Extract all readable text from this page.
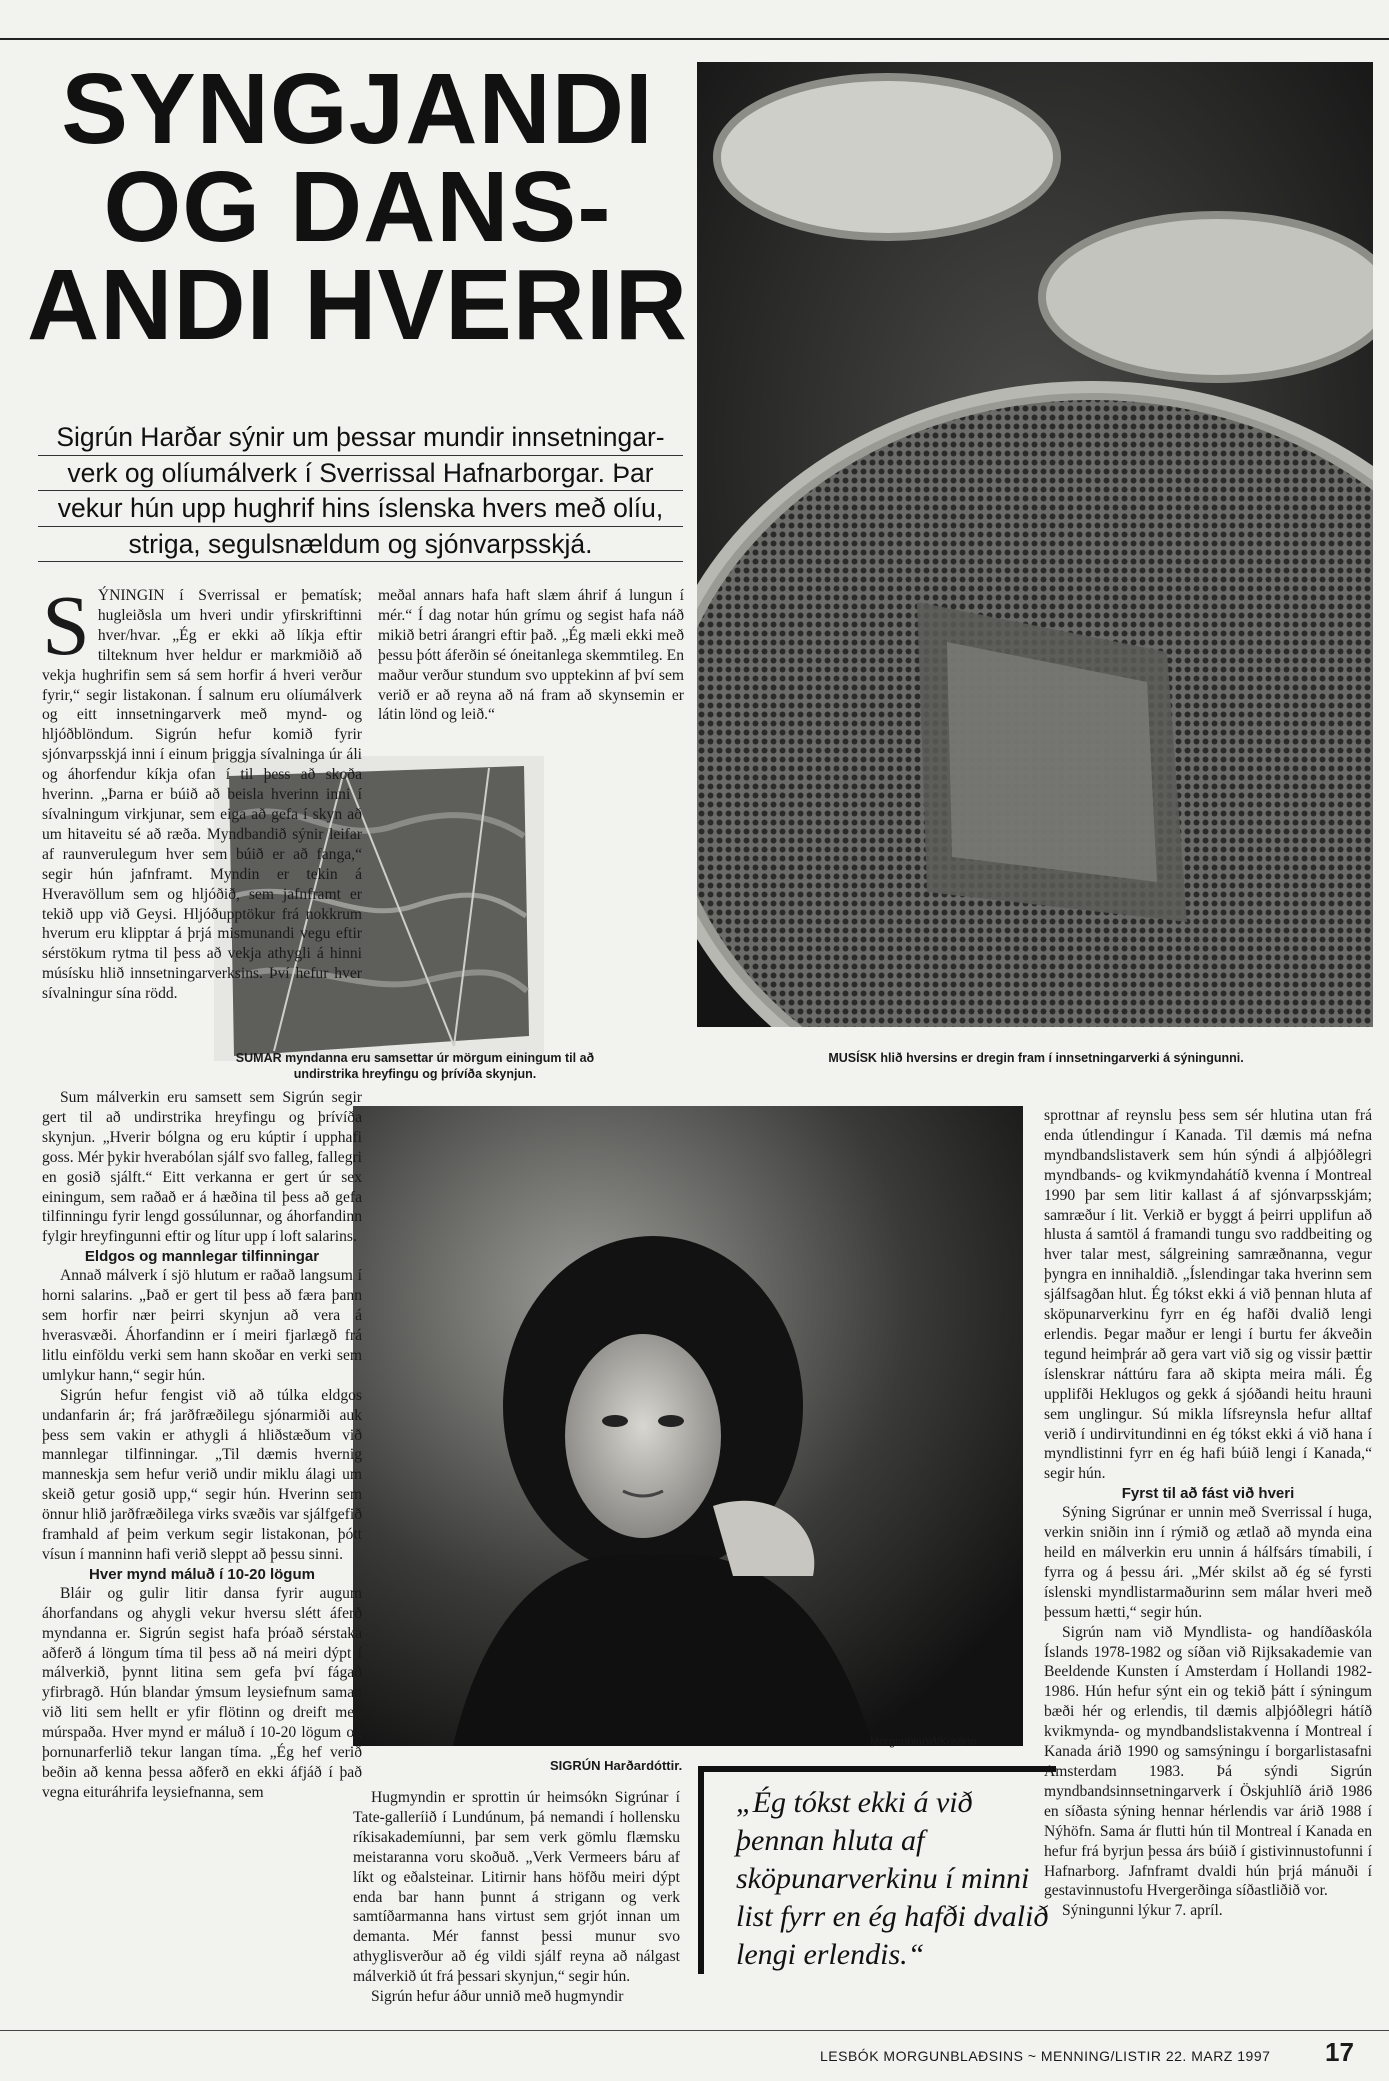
SYNGJANDI
OG DANS-
ANDI HVERIR
Sigrún Harðar sýnir um þessar mundir innsetningar-
verk og olíumálverk í Sverrissal Hafnarborgar. Þar
vekur hún upp hughrif hins íslenska hvers með olíu,
striga, segulsnældum og sjónvarpsskjá.
SUMAR myndanna eru samsettar úr mörgum einingum til að undirstrika hreyfingu og þrívíða skynjun.
MUSÍSK hlið hversins er dregin fram í innsetningarverki á sýningunni.
SIGRÚN Harðardóttir.
Morgunblaðið/Kristinn

SÝNINGIN í Sverrissal er þematísk; hugleiðsla um hveri undir yfirskriftinni hver/hvar. „Ég er ekki að líkja eftir tilteknum hver heldur er markmiðið að vekja hughrifin sem sá sem horfir á hveri verður fyrir,“ segir listakonan. Í salnum eru olíumálverk og eitt innsetningarverk með mynd- og hljóðblöndum. Sigrún hefur komið fyrir sjónvarpsskjá inni í einum þriggja sívalninga úr áli og áhorfendur kíkja ofan í til þess að skoða hverinn. „Þarna er búið að beisla hverinn inni í sívalningum virkjunar, sem eiga að gefa í skyn að um hitaveitu sé að ræða. Myndbandið sýnir leifar af raunverulegum hver sem búið er að fanga,“ segir hún jafnframt. Myndin er tekin á Hveravöllum sem og hljóðið, sem jafnframt er tekið upp við Geysi. Hljóðupptökur frá nokkrum hverum eru klipptar á þrjá mismunandi vegu eftir sérstökum rytma til þess að vekja athygli á hinni músísku hlið innsetningarverksins. Því hefur hver sívalningur sína rödd.

Sum málverkin eru samsett sem Sigrún segir gert til að undirstrika hreyfingu og þrívíða skynjun. „Hverir bólgna og eru kúptir í upphafi goss. Mér þykir hverabólan sjálf svo falleg, fallegri en gosið sjálft.“ Eitt verkanna er gert úr sex einingum, sem raðað er á hæðina til þess að gefa tilfinningu fyrir lengd gossúlunnar, og áhorfandinn fylgir hreyfingunni eftir og lítur upp í loft salarins.

Eldgos og mannlegar tilfinningar

Annað málverk í sjö hlutum er raðað langsum í horni salarins. „Það er gert til þess að færa þann sem horfir nær þeirri skynjun að vera á hverasvæði. Áhorfandinn er í meiri fjarlægð frá litlu einföldu verki sem hann skoðar en verki sem umlykur hann,“ segir hún.

Sigrún hefur fengist við að túlka eldgos undanfarin ár; frá jarðfræðilegu sjónarmiði auk þess sem vakin er athygli á hliðstæðum við mannlegar tilfinningar. „Til dæmis hvernig manneskja sem hefur verið undir miklu álagi um skeið getur gosið upp,“ segir hún. Hverinn sem önnur hlið jarðfræðilega virks svæðis var sjálfgefið framhald af þeim verkum segir listakonan, þótt vísun í manninn hafi verið sleppt að þessu sinni.

Hver mynd máluð í 10-20 lögum

Bláir og gulir litir dansa fyrir augum áhorfandans og ahygli vekur hversu slétt áferð myndanna er. Sigrún segist hafa þróað sérstaka aðferð á löngum tíma til þess að ná meiri dýpt í málverkið, þynnt litina sem gefa því fágað yfirbragð. Hún blandar ýmsum leysiefnum saman við liti sem hellt er yfir flötinn og dreift með múrspaða. Hver mynd er máluð í 10-20 lögum og þornunarferlið tekur langan tíma. „Ég hef verið beðin að kenna þessa aðferð en ekki áfjáð í það vegna eituráhrifa leysiefnanna, sem

meðal annars hafa haft slæm áhrif á lungun í mér.“ Í dag notar hún grímu og segist hafa náð mikið betri árangri eftir það. „Ég mæli ekki með þessu þótt áferðin sé óneitanlega skemmtileg. En maður verður stundum svo upptekinn af því sem verið er að reyna að ná fram að skynsemin er látin lönd og leið.“

Hugmyndin er sprottin úr heimsókn Sigrúnar í Tate-galleríið í Lundúnum, þá nemandi í hollensku ríkisakademíunni, þar sem verk gömlu flæmsku meistaranna voru skoðuð. „Verk Vermeers báru af líkt og eðalsteinar. Litirnir hans höfðu meiri dýpt enda bar hann þunnt á strigann og verk samtíðarmanna hans virtust sem grjót innan um demanta. Mér fannst þessi munur svo athyglisverður að ég vildi sjálf reyna að nálgast málverkið út frá þessari skynjun,“ segir hún.

Sigrún hefur áður unnið með hugmyndir

sprottnar af reynslu þess sem sér hlutina utan frá enda útlendingur í Kanada. Til dæmis má nefna myndbandslistaverk sem hún sýndi á alþjóðlegri myndbands- og kvikmyndahátíð kvenna í Montreal 1990 þar sem litir kallast á af sjónvarpsskjám; samræður í lit. Verkið er byggt á þeirri upplifun að hlusta á samtöl á framandi tungu svo raddbeiting og hver talar mest, sálgreining samræðnanna, vegur þyngra en innihaldið. „Íslendingar taka hverinn sem sjálfsagðan hlut. Ég tókst ekki á við þennan hluta af sköpunarverkinu fyrr en ég hafði dvalið lengi erlendis. Þegar maður er lengi í burtu fer ákveðin tegund heimþrár að gera vart við sig og vissir þættir íslenskrar náttúru fara að skipta meira máli. Ég upplifði Heklugos og gekk á sjóðandi heitu hrauni sem unglingur. Sú mikla lífsreynsla hefur alltaf verið í undirvitundinni en ég tókst ekki á við hana í myndlistinni fyrr en ég hafi búið lengi í Kanada,“ segir hún.

Fyrst til að fást við hveri

Sýning Sigrúnar er unnin með Sverrissal í huga, verkin sniðin inn í rýmið og ætlað að mynda eina heild en málverkin eru unnin á hálfsárs tímabili, í fyrra og á þessu ári. „Mér skilst að ég sé fyrsti íslenski myndlistarmaðurinn sem málar hveri með þessum hætti,“ segir hún.

Sigrún nam við Myndlista- og handíðaskóla Íslands 1978-1982 og síðan við Rijksakademie van Beeldende Kunsten í Amsterdam í Hollandi 1982-1986. Hún hefur sýnt ein og tekið þátt í sýningum bæði hér og erlendis, til dæmis alþjóðlegri hátíð kvikmynda- og myndbandslistakvenna í Montreal í Kanada árið 1990 og samsýningu í borgarlistasafni Amsterdam 1983. Þá sýndi Sigrún myndbandsinnsetningarverk í Öskjuhlíð árið 1986 en síðasta sýning hennar hérlendis var árið 1988 í Nýhöfn. Sama ár flutti hún til Montreal í Kanada en hefur frá byrjun þessa árs búið í gistivinnustofunni í Hafnarborg. Jafnframt dvaldi hún þrjá mánuði í gestavinnustofu Hvergerðinga síðastliðið vor.

Sýningunni lýkur 7. apríl.

„Ég tókst ekki á við þennan hluta af sköpunarverkinu í minni list fyrr en ég hafði dvalið lengi erlendis.“
LESBÓK MORGUNBLAÐSINS ~ MENNING/LISTIR 22. MARZ 1997 17
